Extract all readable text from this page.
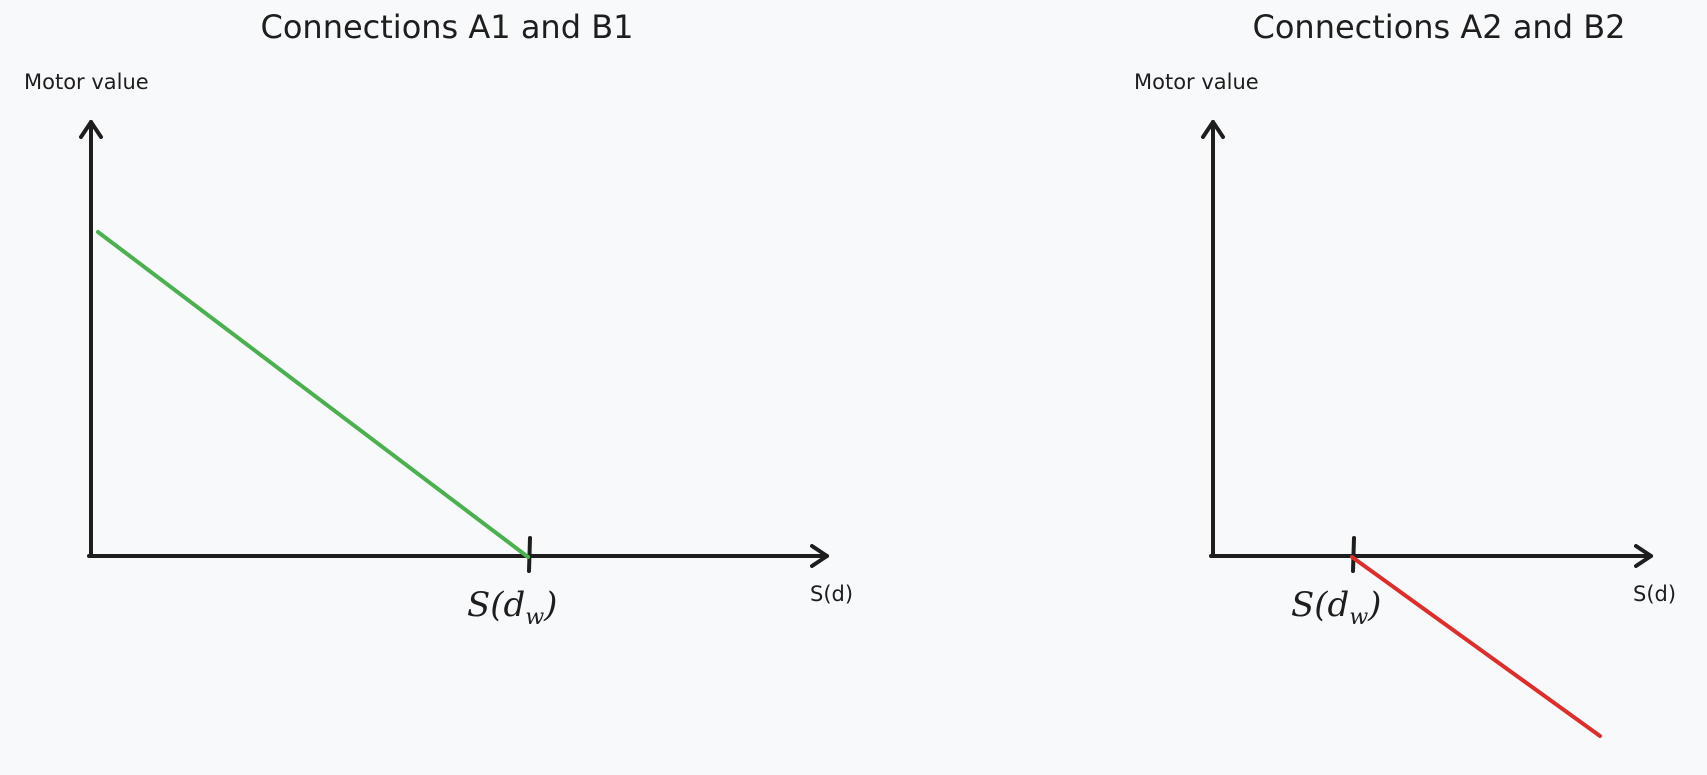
Connections A1 and B1
Motor value
$S(d_w)$	S(d)
Connections A2 and B2
Motor value
$S(d_w)$	S(d)
